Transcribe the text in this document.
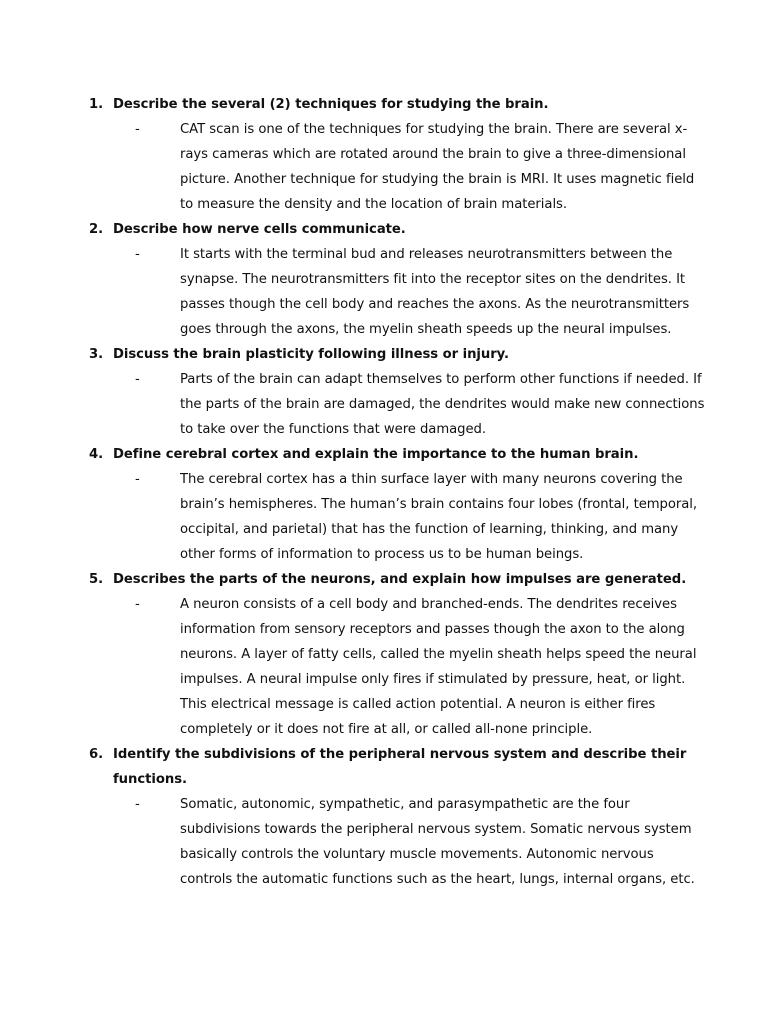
1. Describe the several (2) techniques for studying the brain.
-	CAT scan is one of the techniques for studying the brain. There are several x-rays cameras which are rotated around the brain to give a three-dimensional picture. Another technique for studying the brain is MRI. It uses magnetic field to measure the density and the location of brain materials.
2. Describe how nerve cells communicate.
-	It starts with the terminal bud and releases neurotransmitters between the synapse. The neurotransmitters fit into the receptor sites on the dendrites. It passes though the cell body and reaches the axons. As the neurotransmitters goes through the axons, the myelin sheath speeds up the neural impulses.
3. Discuss the brain plasticity following illness or injury.
-	Parts of the brain can adapt themselves to perform other functions if needed. If the parts of the brain are damaged, the dendrites would make new connections to take over the functions that were damaged.
4. Define cerebral cortex and explain the importance to the human brain.
-	The cerebral cortex has a thin surface layer with many neurons covering the brain’s hemispheres. The human’s brain contains four lobes (frontal, temporal, occipital, and parietal) that has the function of learning, thinking, and many other forms of information to process us to be human beings.
5. Describes the parts of the neurons, and explain how impulses are generated.
-	A neuron consists of a cell body and branched-ends. The dendrites receives information from sensory receptors and passes though the axon to the along neurons. A layer of fatty cells, called the myelin sheath helps speed the neural impulses. A neural impulse only fires if stimulated by pressure, heat, or light. This electrical message is called action potential. A neuron is either fires completely or it does not fire at all, or called all-none principle.
6. Identify the subdivisions of the peripheral nervous system and describe their functions.
-	Somatic, autonomic, sympathetic, and parasympathetic are the four subdivisions towards the peripheral nervous system. Somatic nervous system basically controls the voluntary muscle movements. Autonomic nervous controls the automatic functions such as the heart, lungs, internal organs, etc.
